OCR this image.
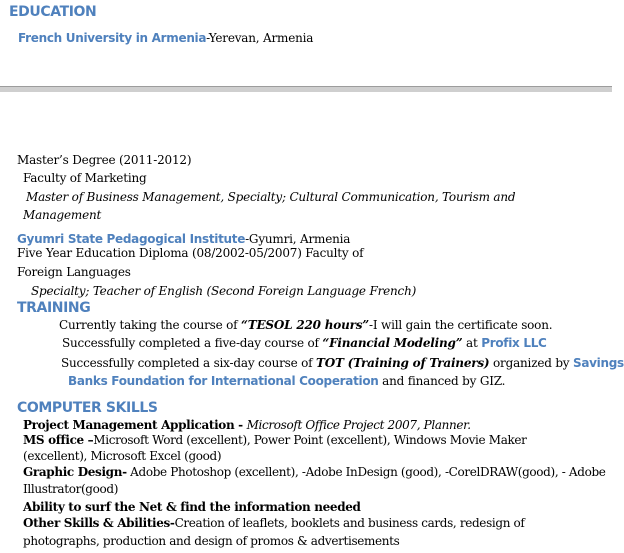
EDUCATION
French University in Armenia-Yerevan, Armenia
Master’s Degree (2011-2012)
Faculty of Marketing
Master of Business Management, Specialty; Cultural Communication, Tourism and
Management
Gyumri State Pedagogical Institute-Gyumri, Armenia
Five Year Education Diploma (08/2002-05/2007) Faculty of
Foreign Languages
Specialty; Teacher of English (Second Foreign Language French)
TRAINING
Currently taking the course of “TESOL 220 hours”-I will gain the certificate soon.
Successfully completed a five-day course of “Financial Modeling” at Profix LLC
Successfully completed a six-day course of TOT (Training of Trainers) organized by Savings
Banks Foundation for International Cooperation and financed by GIZ.
COMPUTER SKILLS
Project Management Application - Microsoft Office Project 2007, Planner.
MS office –Microsoft Word (excellent), Power Point (excellent), Windows Movie Maker
(excellent), Microsoft Excel (good)
Graphic Design- Adobe Photoshop (excellent), -Adobe InDesign (good), -CorelDRAW(good), - Adobe
Illustrator(good)
Ability to surf the Net & find the information needed
Other Skills & Abilities-Creation of leaflets, booklets and business cards, redesign of
photographs, production and design of promos & advertisements
